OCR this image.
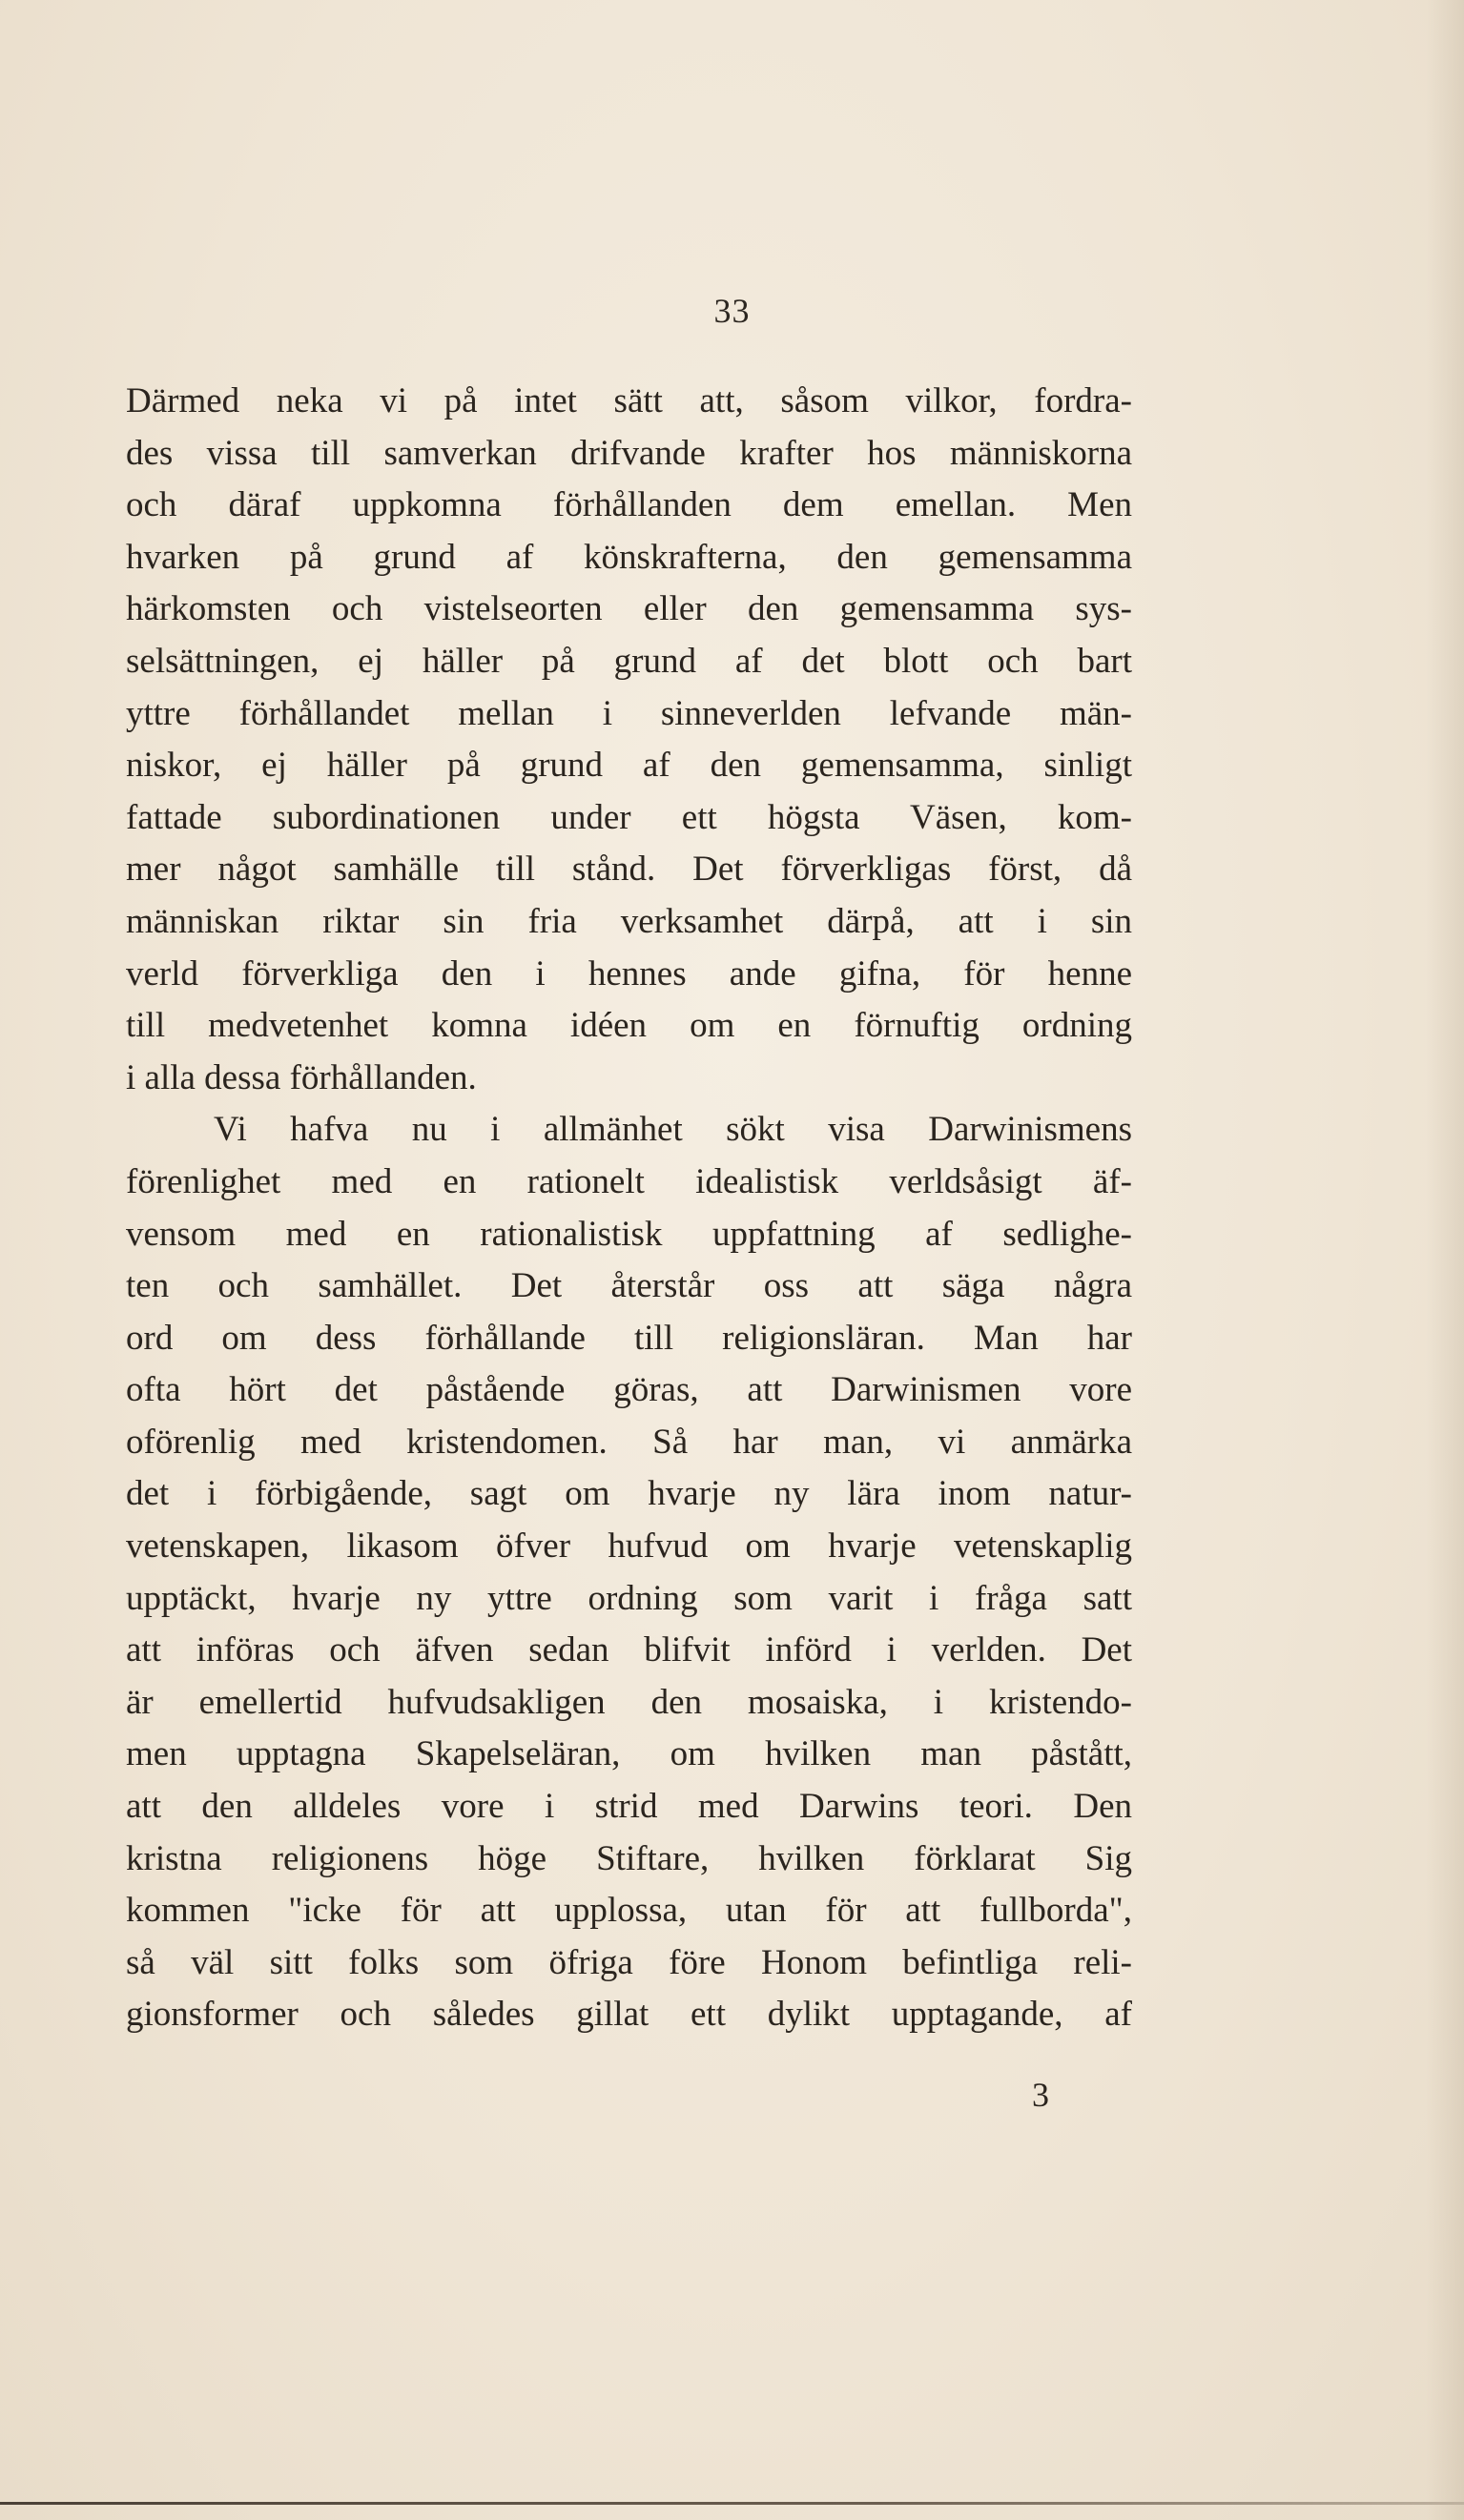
33
Därmed neka vi på intet sätt att, såsom vilkor, fordra-
des vissa till samverkan drifvande krafter hos människorna
och däraf uppkomna förhållanden dem emellan. Men
hvarken på grund af könskrafterna, den gemensamma
härkomsten och vistelseorten eller den gemensamma sys-
selsättningen, ej häller på grund af det blott och bart
yttre förhållandet mellan i sinneverlden lefvande män-
niskor, ej häller på grund af den gemensamma, sinligt
fattade subordinationen under ett högsta Väsen, kom-
mer något samhälle till stånd. Det förverkligas först, då
människan riktar sin fria verksamhet därpå, att i sin
verld förverkliga den i hennes ande gifna, för henne
till medvetenhet komna idéen om en förnuftig ordning
i alla dessa förhållanden.
Vi hafva nu i allmänhet sökt visa Darwinismens
förenlighet med en rationelt idealistisk verldsåsigt äf-
vensom med en rationalistisk uppfattning af sedlighe-
ten och samhället. Det återstår oss att säga några
ord om dess förhållande till religionsläran. Man har
ofta hört det påstående göras, att Darwinismen vore
oförenlig med kristendomen. Så har man, vi anmärka
det i förbigående, sagt om hvarje ny lära inom natur-
vetenskapen, likasom öfver hufvud om hvarje vetenskaplig
upptäckt, hvarje ny yttre ordning som varit i fråga satt
att införas och äfven sedan blifvit införd i verlden. Det
är emellertid hufvudsakligen den mosaiska, i kristendo-
men upptagna Skapelseläran, om hvilken man påstått,
att den alldeles vore i strid med Darwins teori. Den
kristna religionens höge Stiftare, hvilken förklarat Sig
kommen "icke för att upplossa, utan för att fullborda",
så väl sitt folks som öfriga före Honom befintliga reli-
gionsformer och således gillat ett dylikt upptagande, af
3
